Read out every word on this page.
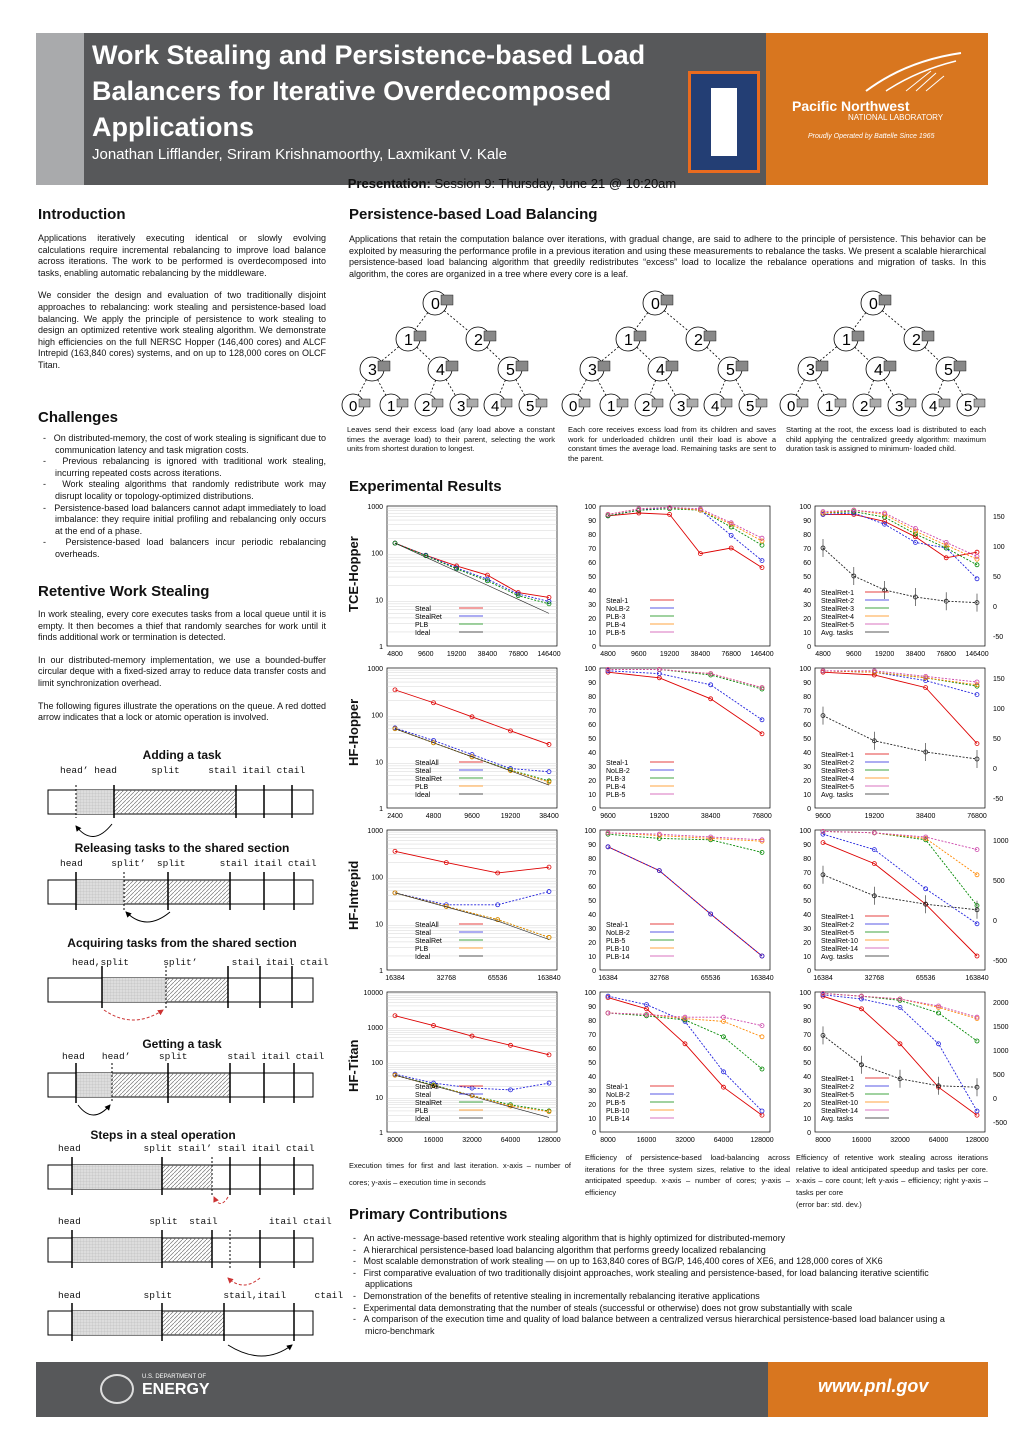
Work Stealing and Persistence-based Load
Balancers for Iterative Overdecomposed
Applications
Jonathan Lifflander, Sriram Krishnamoorthy, Laxmikant V. Kale
Pacific Northwest
NATIONAL LABORATORY
Proudly Operated by Battelle Since 1965
Presentation: Session 9: Thursday, June 21 @ 10:20am
Introduction

Applications iteratively executing identical or slowly evolving calculations require incremental rebalancing to improve load balance across iterations. The work to be performed is overdecomposed into tasks, enabling automatic rebalancing by the middleware.

We consider the design and evaluation of two traditionally disjoint approaches to rebalancing: work stealing and persistence-based load balancing. We apply the principle of persistence to work stealing to design an optimized retentive work stealing algorithm. We demonstrate high efficiencies on the full NERSC Hopper (146,400 cores) and ALCF Intrepid (163,840 cores) systems, and on up to 128,000 cores on OLCF Titan.

Challenges
-   On distributed-memory, the cost of work stealing is significant due to communication latency and task migration costs.
-   Previous rebalancing is ignored with traditional work stealing, incurring repeated costs across iterations.
-   Work stealing algorithms that randomly redistribute work may disrupt locality or topology-optimized distributions.
-   Persistence-based load balancers cannot adapt immediately to load imbalance: they require initial profiling and rebalancing only occurs at the end of a phase.
-   Persistence-based load balancers incur periodic rebalancing overheads.
Retentive Work Stealing

In work stealing, every core executes tasks from a local queue until it is empty. It then becomes a thief that randomly searches for work until it finds additional work or termination is detected.

In our distributed-memory implementation, we use a bounded-buffer circular deque with a fixed-sized array to reduce data transfer costs and limit synchronization overhead.

The following figures illustrate the operations on the queue. A red dotted arrow indicates that a lock or atomic operation is involved.

Adding a task
head’ head      split     stail itail ctail
Releasing tasks to the shared section
head     split’  split      stail itail ctail
Acquiring tasks from the shared section
head,split      split’      stail itail ctail
Getting a task
head   head’     split       stail itail ctail
Steps in a steal operation
head           split stail’ stail itail ctail
head            split  stail         itail ctail
head           split         stail,itail     ctail
Persistence-based Load Balancing
Applications that retain the computation balance over iterations, with gradual change, are said to adhere to the principle of persistence. This behavior can be exploited by measuring the performance profile in a previous iteration and using these measurements to rebalance the tasks. We present a scalable hierarchical persistence-based load balancing algorithm that greedily redistributes “excess” load to localize the rebalance operations and migration of tasks. In this algorithm, the cores are organized in a tree where every core is a leaf.
0
1	2
3	4	5
0 1 2 3 4 5
0
1	2
3	4	5
0 1 2 3 4 5
0
1	2
3	4	5
0 1 2 3 4 5
Leaves send their excess load (any load above a constant times the average load) to their parent, selecting the work units from shortest duration to longest.
Each core receives excess load from its children and saves work for underloaded children until their load is above a constant times the average load. Remaining tasks are sent to the parent.
Starting at the root, the excess load is distributed to each child applying the centralized greedy algorithm: maximum duration task is assigned to minimum- loaded child.
Experimental Results
TCE-Hopper
HF-Hopper
HF-Intrepid
HF-Titan
1
10
100
1000
4800 9600 19200 38400 76800 146400
Steal
StealRet
PLB
Ideal
0
10
20
30
40
50
60
70
80
90
100
4800 9600 19200 38400 76800 146400
Steal-1
NoLB-2
PLB-3
PLB-4
PLB-5
0
10
20
30
40
50
60
70
80
90
100
-50
0
50
100
150
4800 9600 19200 38400 76800 146400
StealRet-1
StealRet-2
StealRet-3
StealRet-4
StealRet-5
Avg. tasks
1
10
100
1000
2400	4800	9600	19200	38400
StealAll
Steal
StealRet
PLB
Ideal
0
10
20
30
40
50
60
70
80
90
100
9600	19200	38400	76800
Steal-1
NoLB-2
PLB-3
PLB-4
PLB-5
0
10
20
30
40
50
60
70
80
90
100
-50
0
50
100
150
9600	19200	38400	76800
StealRet-1
StealRet-2
StealRet-3
StealRet-4
StealRet-5
Avg. tasks
1
10
100
1000
16384	32768	65536	163840
StealAll
Steal
StealRet
PLB
Ideal
0
10
20
30
40
50
60
70
80
90
100
16384	32768	65536	163840
Steal-1
NoLB-2
PLB-5
PLB-10
PLB-14
0
10
20
30
40
50
60
70
80
90
100
-500
0
500
1000
16384	32768	65536	163840
StealRet-1
StealRet-2
StealRet-5
StealRet-10
StealRet-14
Avg. tasks
1
10
100
1000
10000
8000	16000	32000	64000 128000
StealAll
Steal
StealRet
PLB
Ideal
0
10
20
30
40
50
60
70
80
90
100
8000	16000	32000	64000 128000
Steal-1
NoLB-2
PLB-5
PLB-10
PLB-14
0
10
20
30
40
50
60
70
80
90
100
-500
0
500
1000
1500
2000
8000	16000	32000	64000 128000
StealRet-1
StealRet-2
StealRet-5
StealRet-10
StealRet-14
Avg. tasks
Execution times for first and last iteration. x-axis – number of cores; y-axis – execution time in seconds
Efficiency of persistence-based load-balancing across iterations for the three system sizes, relative to the ideal anticipated speedup. x-axis – number of cores; y-axis – efficiency
Efficiency of retentive work stealing across iterations relative to ideal anticipated speedup and tasks per core. x-axis – core count; left y-axis – efficiency; right y-axis – tasks per core
(error bar: std. dev.)
Primary Contributions
-   An active-message-based retentive work stealing algorithm that is highly optimized for distributed-memory
-   A hierarchical persistence-based load balancing algorithm that performs greedy localized rebalancing
-   Most scalable demonstration of work stealing — on up to 163,840 cores of BG/P, 146,400 cores of XE6, and 128,000 cores of XK6
-   First comparative evaluation of two traditionally disjoint approaches, work stealing and persistence-based, for load balancing iterative scientific applications
-   Demonstration of the benefits of retentive stealing in incrementally rebalancing iterative applications
-   Experimental data demonstrating that the number of steals (successful or otherwise) does not grow substantially with scale
-   A comparison of the execution time and quality of load balance between a centralized versus hierarchical persistence-based load balancer using a micro-benchmark
U.S. DEPARTMENT OF
ENERGY	www.pnl.gov
